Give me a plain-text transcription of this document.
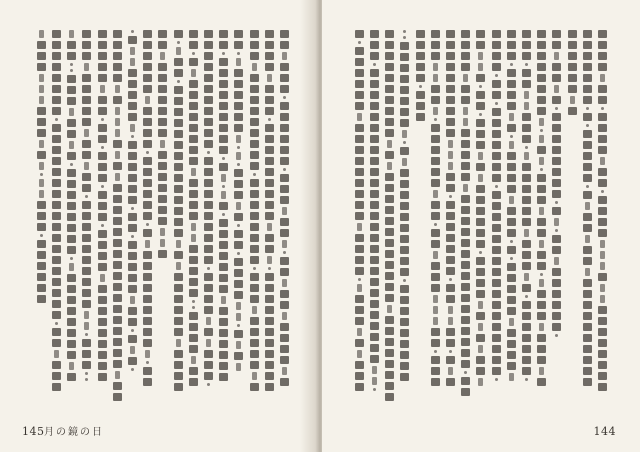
145 月の鏡の日	144
